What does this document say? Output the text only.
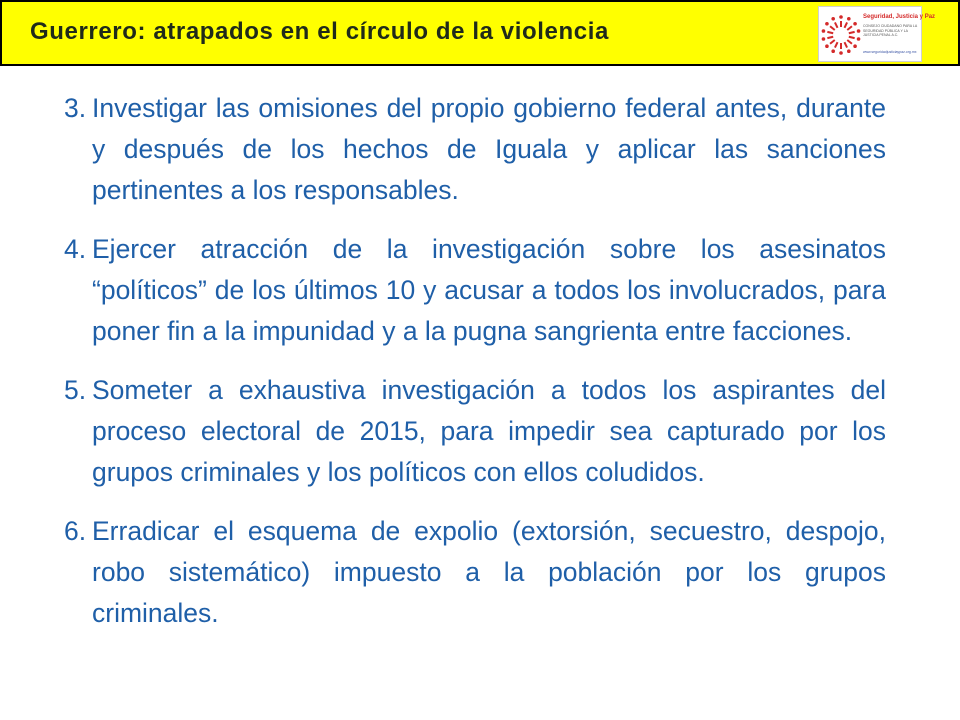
Guerrero: atrapados en el círculo de la violencia
Seguridad, Justicia y Paz
CONSEJO CIUDADANO PARA LA SEGURIDAD PÚBLICA Y LA JUSTICIA PENAL A.C.
www.seguridadjusticiaypaz.org.mx
3. Investigar las omisiones del propio gobierno federal antes, durante y después de los hechos de Iguala y aplicar las sanciones pertinentes a los responsables.
4. Ejercer atracción de la investigación sobre los asesinatos “políticos” de los últimos 10 y acusar a todos los involucrados, para poner fin a la impunidad y a la pugna sangrienta entre facciones.
5. Someter a exhaustiva investigación a todos los aspirantes del proceso electoral de 2015, para impedir sea capturado por los grupos criminales y los políticos con ellos coludidos.
6. Erradicar el esquema de expolio (extorsión, secuestro, despojo, robo sistemático) impuesto a la población por los grupos criminales.
